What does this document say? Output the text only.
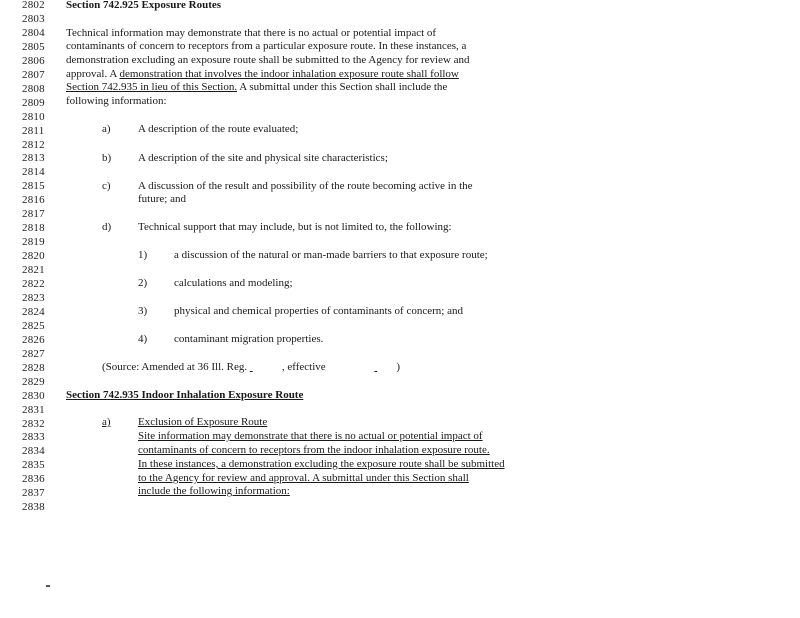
2802
2803
2804
2805
2806
2807
2808
2809
2810
2811
2812
2813
2814
2815
2816
2817
2818
2819
2820
2821
2822
2823
2824
2825
2826
2827
2828
2829
2830
2831
2832
2833
2834
2835
2836
2837
2838
Section 742.925 Exposure Routes
Technical information may demonstrate that there is no actual or potential impact of
contaminants of concern to receptors from a particular exposure route. In these instances, a
demonstration excluding an exposure route shall be submitted to the Agency for review and
approval. A demonstration that involves the indoor inhalation exposure route shall follow
Section 742.935 in lieu of this Section. A submittal under this Section shall include the
following information:
a) A description of the route evaluated;
b) A description of the site and physical site characteristics;
c) A discussion of the result and possibility of the route becoming active in the
future; and
d) Technical support that may include, but is not limited to, the following:
1) a discussion of the natural or man-made barriers to that exposure route;
2) calculations and modeling;
3) physical and chemical properties of contaminants of concern; and
4) contaminant migration properties.
(Source: Amended at 36 Ill. Reg.	, effective	)
Section 742.935 Indoor Inhalation Exposure Route
a) Exclusion of Exposure Route
Site information may demonstrate that there is no actual or potential impact of
contaminants of concern to receptors from the indoor inhalation exposure route.
In these instances, a demonstration excluding the exposure route shall be submitted
to the Agency for review and approval. A submittal under this Section shall
include the following information:
